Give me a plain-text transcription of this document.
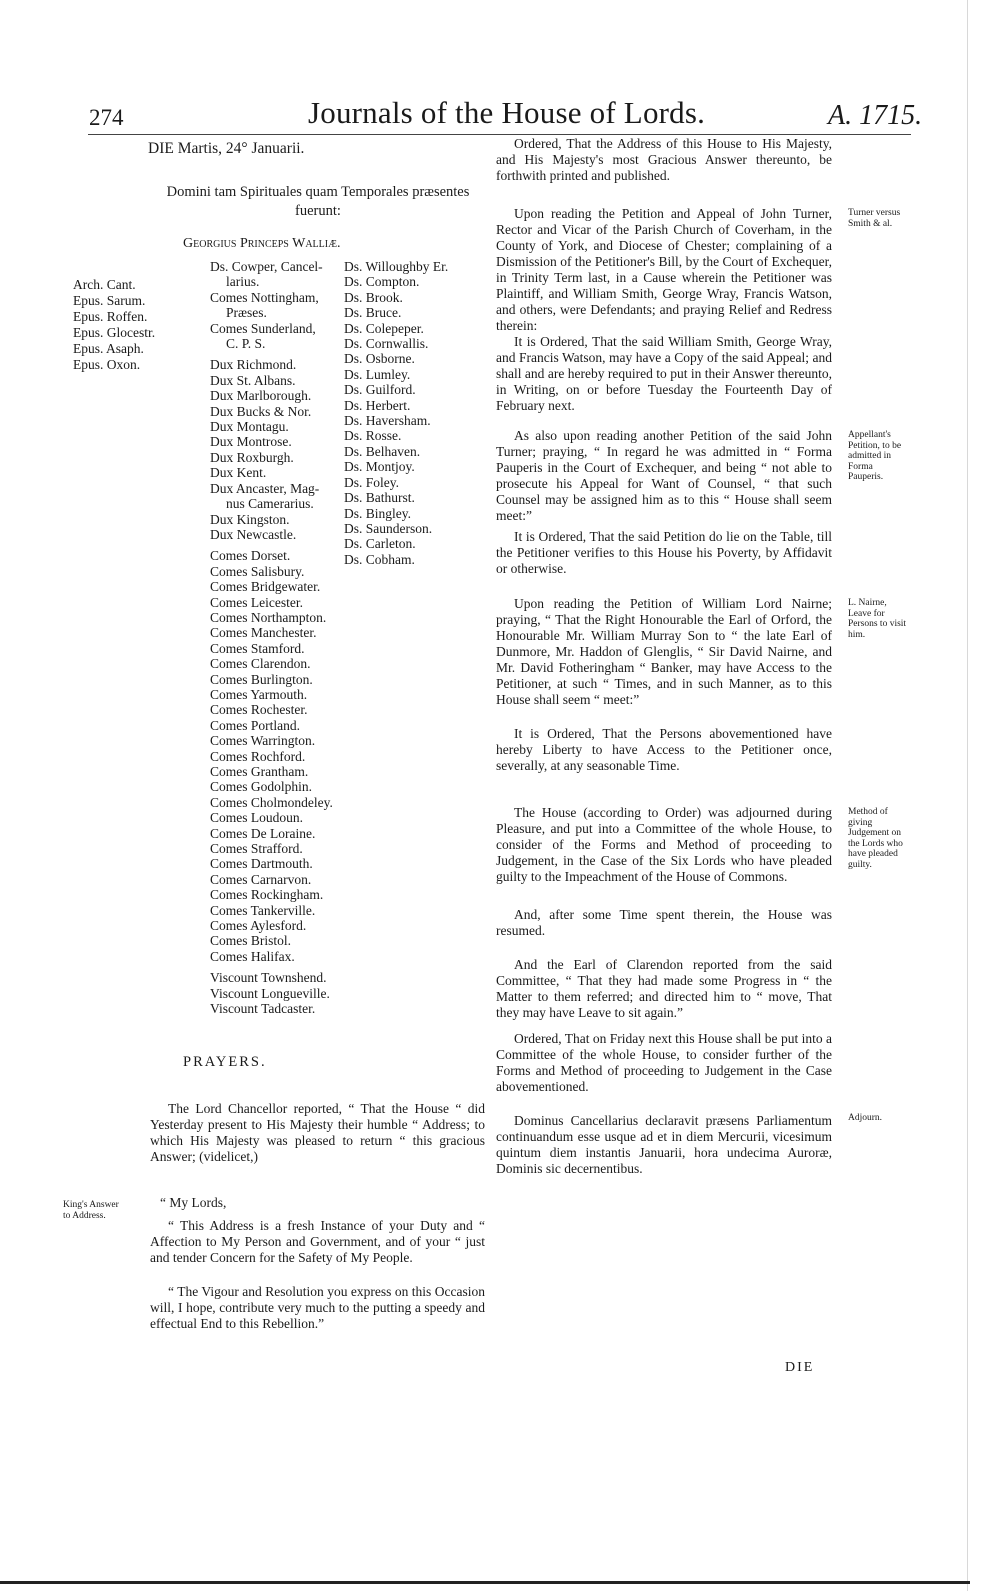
274	Journals of the House of Lords.	A. 1715.
DIE Martis, 24° Januarii.
Domini tam Spirituales quam Temporales præsentes fuerunt:
Georgius Princeps Walliæ.
Arch. Cant.
Epus. Sarum.
Epus. Roffen.
Epus. Glocestr.
Epus. Asaph.
Epus. Oxon.
Ds. Cowper, Cancel-
larius.
Comes Nottingham,
Præses.
Comes Sunderland,
C. P. S.
Dux Richmond.
Dux St. Albans.
Dux Marlborough.
Dux Bucks & Nor.
Dux Montagu.
Dux Montrose.
Dux Roxburgh.
Dux Kent.
Dux Ancaster, Mag-
nus Camerarius.
Dux Kingston.
Dux Newcastle.
Comes Dorset.
Comes Salisbury.
Comes Bridgewater.
Comes Leicester.
Comes Northampton.
Comes Manchester.
Comes Stamford.
Comes Clarendon.
Comes Burlington.
Comes Yarmouth.
Comes Rochester.
Comes Portland.
Comes Warrington.
Comes Rochford.
Comes Grantham.
Comes Godolphin.
Comes Cholmondeley.
Comes Loudoun.
Comes De Loraine.
Comes Strafford.
Comes Dartmouth.
Comes Carnarvon.
Comes Rockingham.
Comes Tankerville.
Comes Aylesford.
Comes Bristol.
Comes Halifax.
Viscount Townshend.
Viscount Longueville.
Viscount Tadcaster.
Ds. Willoughby Er.
Ds. Compton.
Ds. Brook.
Ds. Bruce.
Ds. Colepeper.
Ds. Cornwallis.
Ds. Osborne.
Ds. Lumley.
Ds. Guilford.
Ds. Herbert.
Ds. Haversham.
Ds. Rosse.
Ds. Belhaven.
Ds. Montjoy.
Ds. Foley.
Ds. Bathurst.
Ds. Bingley.
Ds. Saunderson.
Ds. Carleton.
Ds. Cobham.
PRAYERS.
The Lord Chancellor reported, “ That the House “ did Yesterday present to His Majesty their humble “ Address; to which His Majesty was pleased to return “ this gracious Answer; (videlicet,)
King's Answer to Address.
“ My Lords,
“ This Address is a fresh Instance of your Duty and “ Affection to My Person and Government, and of your “ just and tender Concern for the Safety of My People.
“ The Vigour and Resolution you express on this Occasion will, I hope, contribute very much to the putting a speedy and effectual End to this Rebellion.”
Ordered, That the Address of this House to His Majesty, and His Majesty's most Gracious Answer thereunto, be forthwith printed and published.
Upon reading the Petition and Appeal of John Turner, Rector and Vicar of the Parish Church of Coverham, in the County of York, and Diocese of Chester; complaining of a Dismission of the Petitioner's Bill, by the Court of Exchequer, in Trinity Term last, in a Cause wherein the Petitioner was Plaintiff, and William Smith, George Wray, Francis Watson, and others, were Defendants; and praying Relief and Redress therein:
Turner versus Smith & al.
It is Ordered, That the said William Smith, George Wray, and Francis Watson, may have a Copy of the said Appeal; and shall and are hereby required to put in their Answer thereunto, in Writing, on or before Tuesday the Fourteenth Day of February next.
As also upon reading another Petition of the said John Turner; praying, “ In regard he was admitted in “ Forma Pauperis in the Court of Exchequer, and being “ not able to prosecute his Appeal for Want of Counsel, “ that such Counsel may be assigned him as to this “ House shall seem meet:”
Appellant's Petition, to be admitted in Forma Pauperis.
It is Ordered, That the said Petition do lie on the Table, till the Petitioner verifies to this House his Poverty, by Affidavit or otherwise.
Upon reading the Petition of William Lord Nairne; praying, “ That the Right Honourable the Earl of Orford, the Honourable Mr. William Murray Son to “ the late Earl of Dunmore, Mr. Haddon of Glenglis, “ Sir David Nairne, and Mr. David Fotheringham “ Banker, may have Access to the Petitioner, at such “ Times, and in such Manner, as to this House shall seem “ meet:”
L. Nairne, Leave for Persons to visit him.
It is Ordered, That the Persons abovementioned have hereby Liberty to have Access to the Petitioner once, severally, at any seasonable Time.
The House (according to Order) was adjourned during Pleasure, and put into a Committee of the whole House, to consider of the Forms and Method of proceeding to Judgement, in the Case of the Six Lords who have pleaded guilty to the Impeachment of the House of Commons.
Method of giving Judgement on the Lords who have pleaded guilty.
And, after some Time spent therein, the House was resumed.
And the Earl of Clarendon reported from the said Committee, “ That they had made some Progress in “ the Matter to them referred; and directed him to “ move, That they may have Leave to sit again.”
Ordered, That on Friday next this House shall be put into a Committee of the whole House, to consider further of the Forms and Method of proceeding to Judgement in the Case abovementioned.
Dominus Cancellarius declaravit præsens Parliamentum continuandum esse usque ad et in diem Mercurii, vicesimum quintum diem instantis Januarii, hora undecima Auroræ, Dominis sic decernentibus.
Adjourn.
DIE
